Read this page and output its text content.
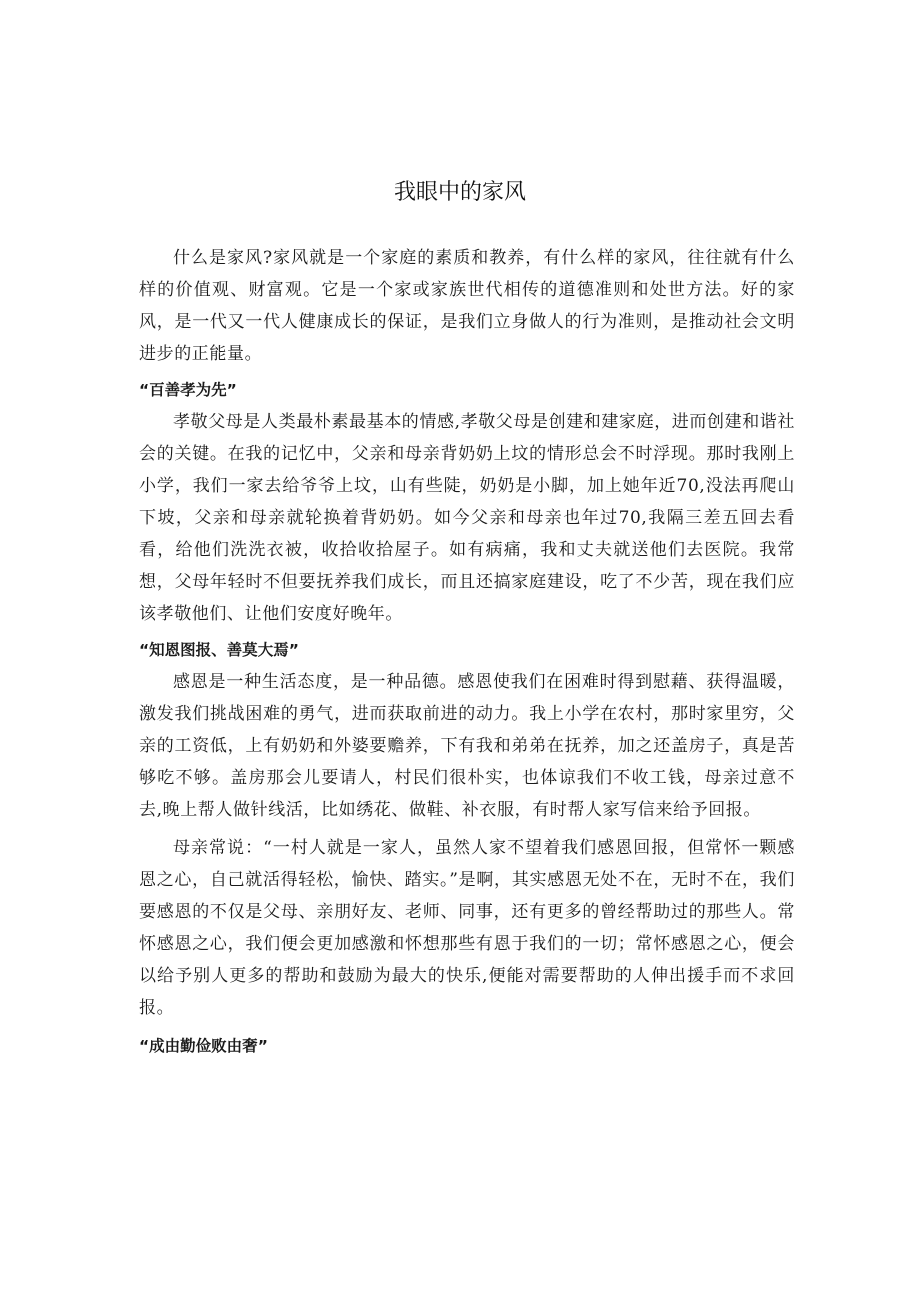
我眼中的家风

什么是家风?家风就是一个家庭的素质和教养，有什么样的家风，往往就有什么样的价值观、财富观。它是一个家或家族世代相传的道德准则和处世方法。好的家风，是一代又一代人健康成长的保证，是我们立身做人的行为准则，是推动社会文明进步的正能量。

“百善孝为先”

孝敬父母是人类最朴素最基本的情感,孝敬父母是创建和建家庭，进而创建和谐社会的关键。在我的记忆中，父亲和母亲背奶奶上坟的情形总会不时浮现。那时我刚上小学，我们一家去给爷爷上坟，山有些陡，奶奶是小脚，加上她年近70,没法再爬山下坡，父亲和母亲就轮换着背奶奶。如今父亲和母亲也年过70,我隔三差五回去看看，给他们洗洗衣被，收拾收拾屋子。如有病痛，我和丈夫就送他们去医院。我常想，父母年轻时不但要抚养我们成长，而且还搞家庭建设，吃了不少苦，现在我们应该孝敬他们、让他们安度好晚年。

“知恩图报、善莫大焉”

感恩是一种生活态度，是一种品德。感恩使我们在困难时得到慰藉、获得温暖，激发我们挑战困难的勇气，进而获取前进的动力。我上小学在农村，那时家里穷，父亲的工资低，上有奶奶和外婆要赡养，下有我和弟弟在抚养，加之还盖房子，真是苦够吃不够。盖房那会儿要请人，村民们很朴实，也体谅我们不收工钱，母亲过意不去,晚上帮人做针线活，比如绣花、做鞋、补衣服，有时帮人家写信来给予回报。

母亲常说：“一村人就是一家人，虽然人家不望着我们感恩回报，但常怀一颗感恩之心，自己就活得轻松，愉快、踏实。”是啊，其实感恩无处不在，无时不在，我们要感恩的不仅是父母、亲朋好友、老师、同事，还有更多的曾经帮助过的那些人。常怀感恩之心，我们便会更加感激和怀想那些有恩于我们的一切；常怀感恩之心，便会以给予别人更多的帮助和鼓励为最大的快乐,便能对需要帮助的人伸出援手而不求回报。

“成由勤俭败由奢”
